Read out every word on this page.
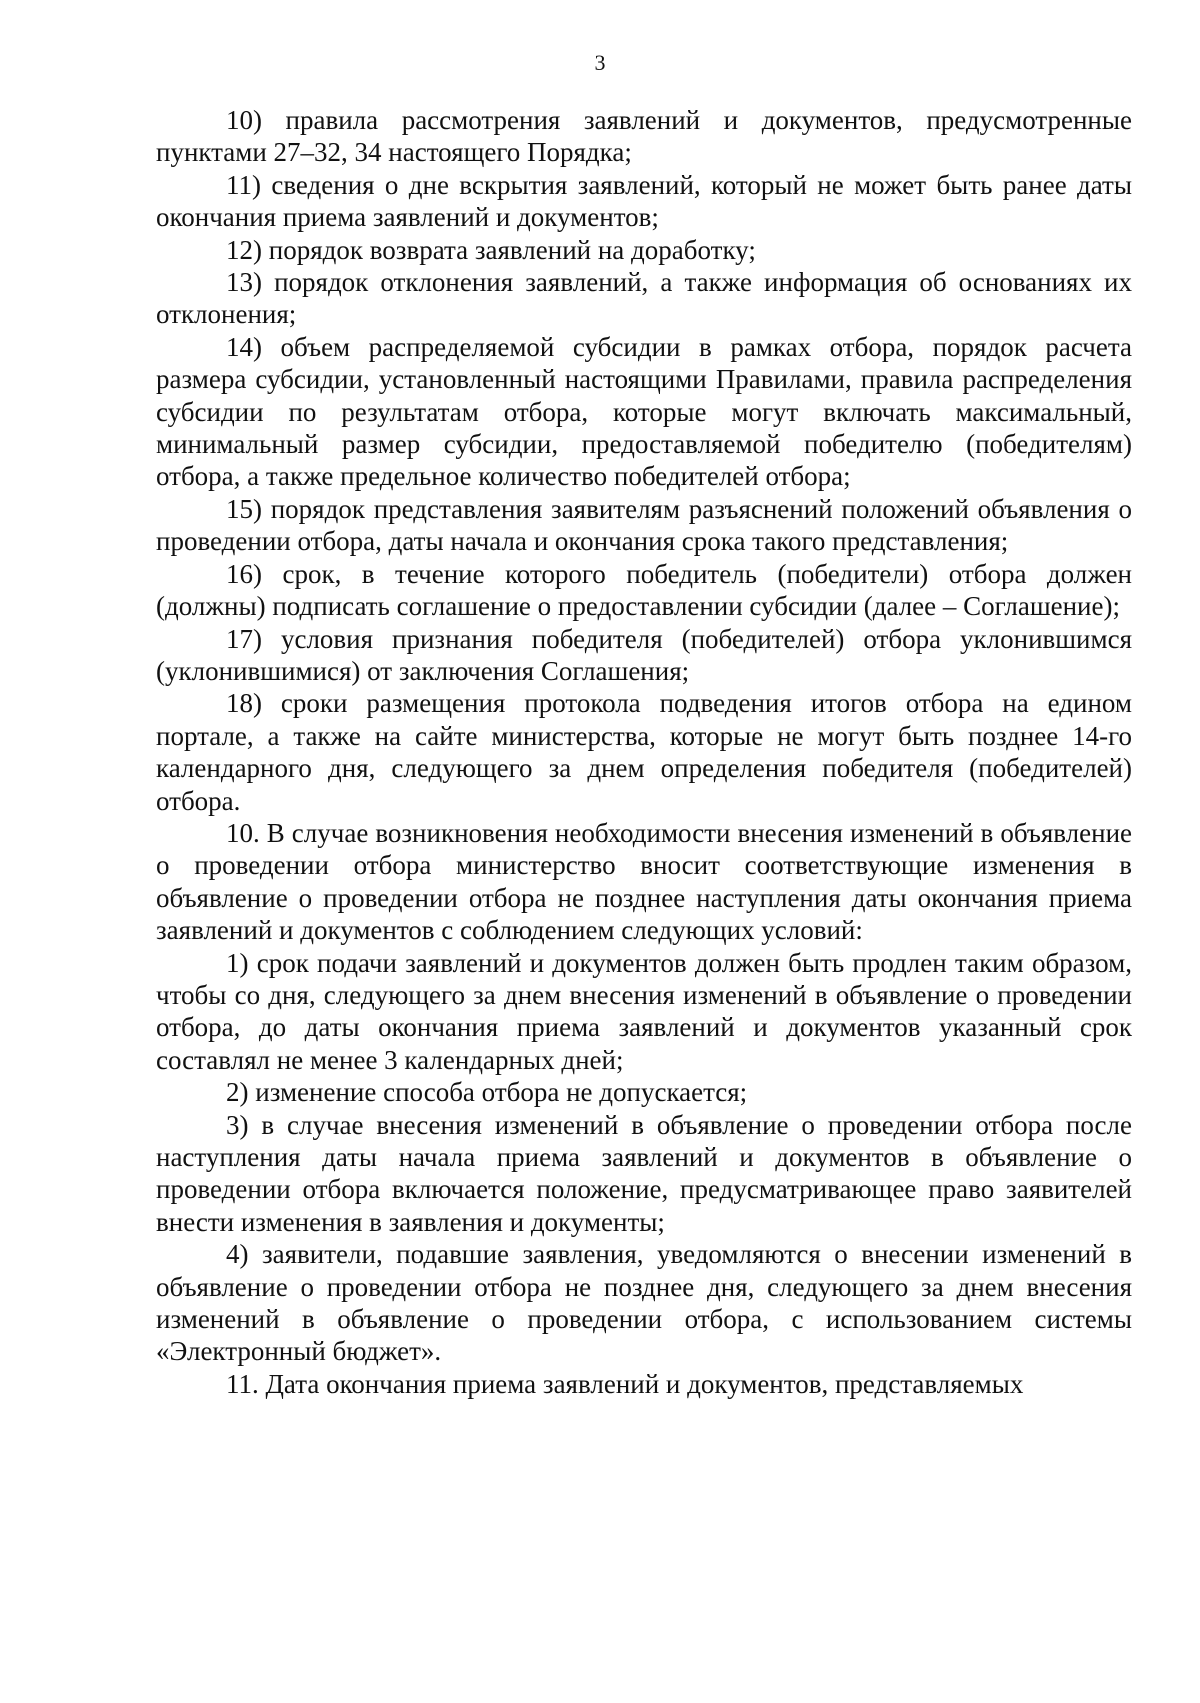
3

10) правила рассмотрения заявлений и документов, предусмотренные пунктами 27–32, 34 настоящего Порядка;

11) сведения о дне вскрытия заявлений, который не может быть ранее даты окончания приема заявлений и документов;

12) порядок возврата заявлений на доработку;

13) порядок отклонения заявлений, а также информация об основаниях их отклонения;

14) объем распределяемой субсидии в рамках отбора, порядок расчета размера субсидии, установленный настоящими Правилами, правила распределения субсидии по результатам отбора, которые могут включать максимальный, минимальный размер субсидии, предоставляемой победителю (победителям) отбора, а также предельное количество победителей отбора;

15) порядок представления заявителям разъяснений положений объявления о проведении отбора, даты начала и окончания срока такого представления;

16) срок, в течение которого победитель (победители) отбора должен (должны) подписать соглашение о предоставлении субсидии (далее – Соглашение);

17) условия признания победителя (победителей) отбора уклонившимся (уклонившимися) от заключения Соглашения;

18) сроки размещения протокола подведения итогов отбора на едином портале, а также на сайте министерства, которые не могут быть позднее 14-го календарного дня, следующего за днем определения победителя (победителей) отбора.

10. В случае возникновения необходимости внесения изменений в объявление о проведении отбора министерство вносит соответствующие изменения в объявление о проведении отбора не позднее наступления даты окончания приема заявлений и документов с соблюдением следующих условий:

1) срок подачи заявлений и документов должен быть продлен таким образом, чтобы со дня, следующего за днем внесения изменений в объявление о проведении отбора, до даты окончания приема заявлений и документов указанный срок составлял не менее 3 календарных дней;

2) изменение способа отбора не допускается;

3) в случае внесения изменений в объявление о проведении отбора после наступления даты начала приема заявлений и документов в объявление о проведении отбора включается положение, предусматривающее право заявителей внести изменения в заявления и документы;

4) заявители, подавшие заявления, уведомляются о внесении изменений в объявление о проведении отбора не позднее дня, следующего за днем внесения изменений в объявление о проведении отбора, с использованием системы «Электронный бюджет».

11. Дата окончания приема заявлений и документов, представляемых
